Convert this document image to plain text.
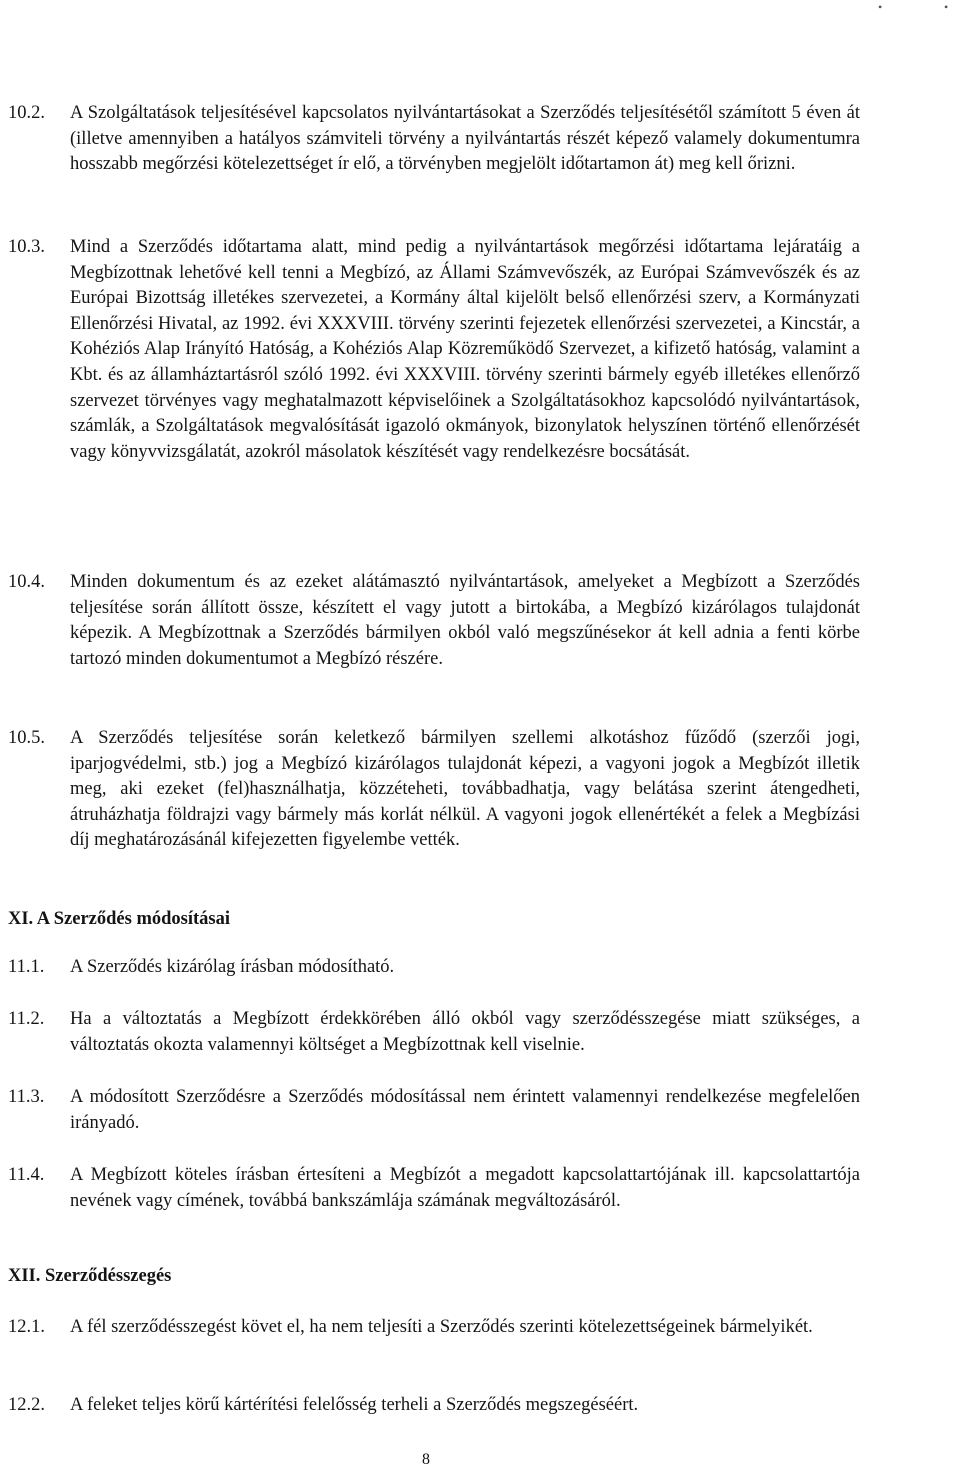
•	•
10.2. A Szolgáltatások teljesítésével kapcsolatos nyilvántartásokat a Szerződés teljesítésétől számított 5 éven át (illetve amennyiben a hatályos számviteli törvény a nyilvántartás részét képező valamely dokumentumra hosszabb megőrzési kötelezettséget ír elő, a törvényben megjelölt időtartamon át) meg kell őrizni.
10.3. Mind a Szerződés időtartama alatt, mind pedig a nyilvántartások megőrzési időtartama lejáratáig a Megbízottnak lehetővé kell tenni a Megbízó, az Állami Számvevőszék, az Európai Számvevőszék és az Európai Bizottság illetékes szervezetei, a Kormány által kijelölt belső ellenőrzési szerv, a Kormányzati Ellenőrzési Hivatal, az 1992. évi XXXVIII. törvény szerinti fejezetek ellenőrzési szervezetei, a Kincstár, a Kohéziós Alap Irányító Hatóság, a Kohéziós Alap Közreműködő Szervezet, a kifizető hatóság, valamint a Kbt. és az államháztartásról szóló 1992. évi XXXVIII. törvény szerinti bármely egyéb illetékes ellenőrző szervezet törvényes vagy meghatalmazott képviselőinek a Szolgáltatásokhoz kapcsolódó nyilvántartások, számlák, a Szolgáltatások megvalósítását igazoló okmányok, bizonylatok helyszínen történő ellenőrzését vagy könyvvizsgálatát, azokról másolatok készítését vagy rendelkezésre bocsátását.
10.4. Minden dokumentum és az ezeket alátámasztó nyilvántartások, amelyeket a Megbízott a Szerződés teljesítése során állított össze, készített el vagy jutott a birtokába, a Megbízó kizárólagos tulajdonát képezik. A Megbízottnak a Szerződés bármilyen okból való megszűnésekor át kell adnia a fenti körbe tartozó minden dokumentumot a Megbízó részére.
10.5. A Szerződés teljesítése során keletkező bármilyen szellemi alkotáshoz fűződő (szerzői jogi, iparjogvédelmi, stb.) jog a Megbízó kizárólagos tulajdonát képezi, a vagyoni jogok a Megbízót illetik meg, aki ezeket (fel)használhatja, közzéteheti, továbbadhatja, vagy belátása szerint átengedheti, átruházhatja földrajzi vagy bármely más korlát nélkül. A vagyoni jogok ellenértékét a felek a Megbízási díj meghatározásánál kifejezetten figyelembe vették.
XI. A Szerződés módosításai
11.1. A Szerződés kizárólag írásban módosítható.
11.2. Ha a változtatás a Megbízott érdekkörében álló okból vagy szerződésszegése miatt szükséges, a változtatás okozta valamennyi költséget a Megbízottnak kell viselnie.
11.3. A módosított Szerződésre a Szerződés módosítással nem érintett valamennyi rendelkezése megfelelően irányadó.
11.4. A Megbízott köteles írásban értesíteni a Megbízót a megadott kapcsolattartójának ill. kapcsolattartója nevének vagy címének, továbbá bankszámlája számának megváltozásáról.
XII. Szerződésszegés
12.1. A fél szerződésszegést követ el, ha nem teljesíti a Szerződés szerinti kötelezettségeinek bármelyikét.
12.2. A feleket teljes körű kártérítési felelősség terheli a Szerződés megszegéséért.
8
